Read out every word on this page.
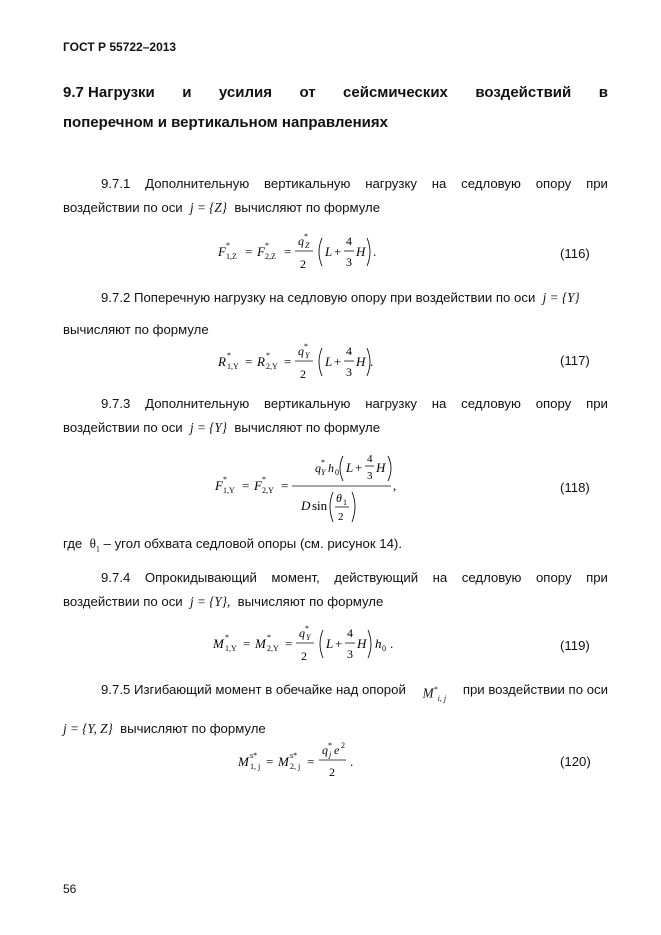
ГОСТ Р 55722–2013
9.7 Нагрузки и усилия от сейсмических воздействий в
поперечном и вертикальном направлениях
9.7.1 Дополнительную вертикальную нагрузку на седловую опору при
воздействии по оси j = {Z} вычисляют по формуле
F *
1,Z = F *
2,Z =
q *
Z
2
L +
4
3
H .	(116)
9.7.2 Поперечную нагрузку на седловую опору при воздействии по оси j = {Y}
вычисляют по формуле
R *
1,Y = R *
2,Y =
q *
Y
2
L +
4
3
H .	(117)
9.7.3 Дополнительную вертикальную нагрузку на седловую опору при
воздействии по оси j = {Y} вычисляют по формуле
F *
1,Y = F *
2,Y =
q *
Y h 0 L +
4
3
H
D sin θ 1
2
,	(118)
где $\theta_1$ – угол обхвата седловой опоры (см. рисунок 14).
9.7.4 Опрокидывающий момент, действующий на седловую опору при
воздействии по оси j = {Y}, вычисляют по формуле
M *
1,Y = M *
2,Y =
q *
Y
2
L +
4
3
H h 0 .	(119)
9.7.5 Изгибающий момент в обечайке над опорой $M^*_{i, j}$
при воздействии по оси
j = {Y, Z} вычисляют по формуле
M s*
1, j = M s*
2, j =
q *
j e 2
2
.	(120)
56
